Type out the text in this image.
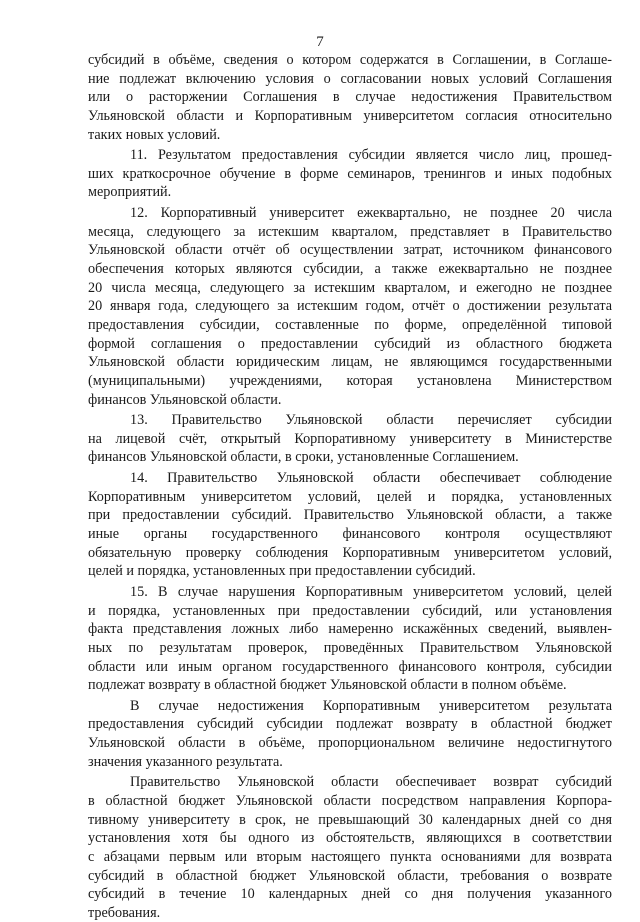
7
субсидий в объёме, сведения о котором содержатся в Соглашении, в Соглаше-
ние подлежат включению условия о согласовании новых условий Соглашения
или о расторжении Соглашения в случае недостижения Правительством
Ульяновской области и Корпоративным университетом согласия относительно
таких новых условий.
11. Результатом предоставления субсидии является число лиц, прошед-
ших краткосрочное обучение в форме семинаров, тренингов и иных подобных
мероприятий.
12. Корпоративный университет ежеквартально, не позднее 20 числа
месяца, следующего за истекшим кварталом, представляет в Правительство
Ульяновской области отчёт об осуществлении затрат, источником финансового
обеспечения которых являются субсидии, а также ежеквартально не позднее
20 числа месяца, следующего за истекшим кварталом, и ежегодно не позднее
20 января года, следующего за истекшим годом, отчёт о достижении результата
предоставления субсидии, составленные по форме, определённой типовой
формой соглашения о предоставлении субсидий из областного бюджета
Ульяновской области юридическим лицам, не являющимся государственными
(муниципальными) учреждениями, которая установлена Министерством
финансов Ульяновской области.
13. Правительство Ульяновской области перечисляет субсидии
на лицевой счёт, открытый Корпоративному университету в Министерстве
финансов Ульяновской области, в сроки, установленные Соглашением.
14. Правительство Ульяновской области обеспечивает соблюдение
Корпоративным университетом условий, целей и порядка, установленных
при предоставлении субсидий. Правительство Ульяновской области, а также
иные органы государственного финансового контроля осуществляют
обязательную проверку соблюдения Корпоративным университетом условий,
целей и порядка, установленных при предоставлении субсидий.
15. В случае нарушения Корпоративным университетом условий, целей
и порядка, установленных при предоставлении субсидий, или установления
факта представления ложных либо намеренно искажённых сведений, выявлен-
ных по результатам проверок, проведённых Правительством Ульяновской
области или иным органом государственного финансового контроля, субсидии
подлежат возврату в областной бюджет Ульяновской области в полном объёме.
В случае недостижения Корпоративным университетом результата
предоставления субсидий субсидии подлежат возврату в областной бюджет
Ульяновской области в объёме, пропорциональном величине недостигнутого
значения указанного результата.
Правительство Ульяновской области обеспечивает возврат субсидий
в областной бюджет Ульяновской области посредством направления Корпора-
тивному университету в срок, не превышающий 30 календарных дней со дня
установления хотя бы одного из обстоятельств, являющихся в соответствии
с абзацами первым или вторым настоящего пункта основаниями для возврата
субсидий в областной бюджет Ульяновской области, требования о возврате
субсидий в течение 10 календарных дней со дня получения указанного
требования.
